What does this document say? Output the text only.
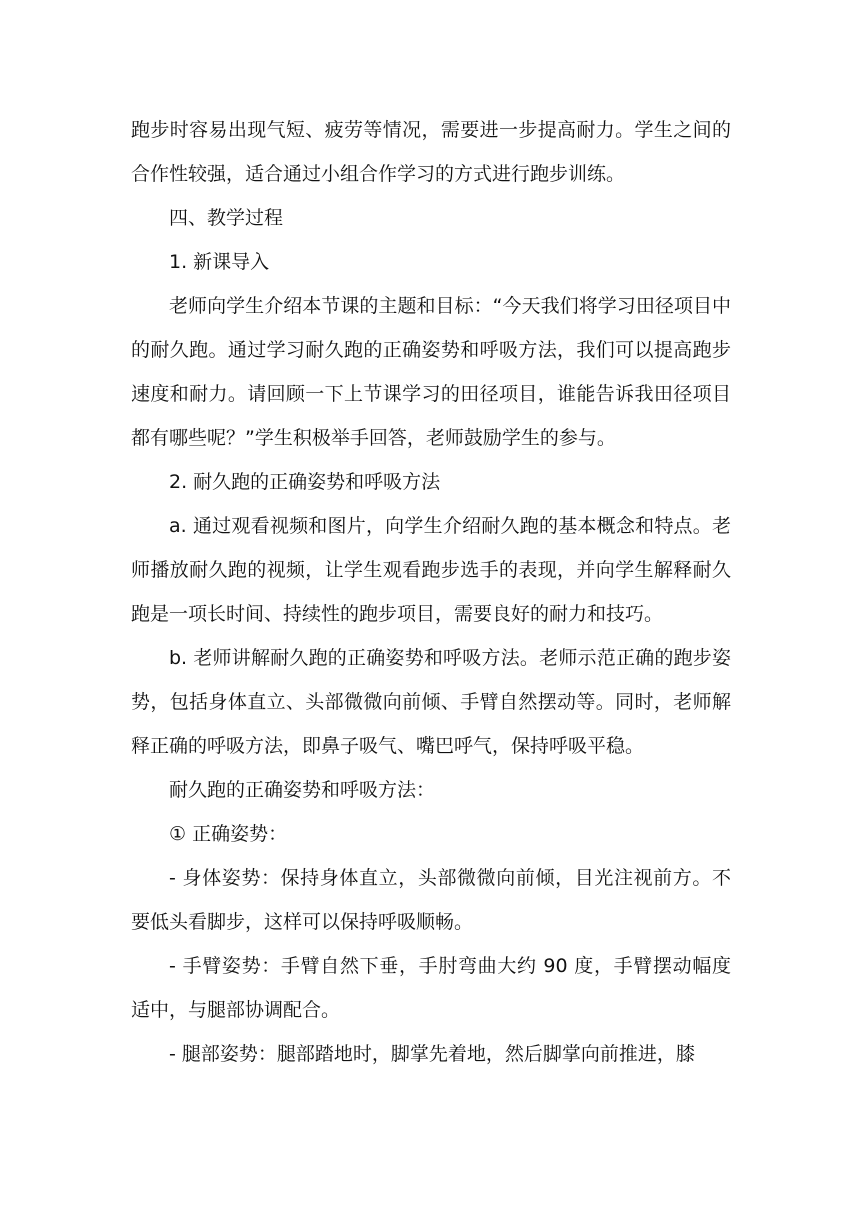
跑步时容易出现气短、疲劳等情况，需要进一步提高耐力。学生之间的合作性较强，适合通过小组合作学习的方式进行跑步训练。

四、教学过程

1. 新课导入

老师向学生介绍本节课的主题和目标：“今天我们将学习田径项目中的耐久跑。通过学习耐久跑的正确姿势和呼吸方法，我们可以提高跑步速度和耐力。请回顾一下上节课学习的田径项目，谁能告诉我田径项目都有哪些呢？”学生积极举手回答，老师鼓励学生的参与。

2. 耐久跑的正确姿势和呼吸方法

a. 通过观看视频和图片，向学生介绍耐久跑的基本概念和特点。老师播放耐久跑的视频，让学生观看跑步选手的表现，并向学生解释耐久跑是一项长时间、持续性的跑步项目，需要良好的耐力和技巧。

b. 老师讲解耐久跑的正确姿势和呼吸方法。老师示范正确的跑步姿势，包括身体直立、头部微微向前倾、手臂自然摆动等。同时，老师解释正确的呼吸方法，即鼻子吸气、嘴巴呼气，保持呼吸平稳。

耐久跑的正确姿势和呼吸方法：

① 正确姿势：

- 身体姿势：保持身体直立，头部微微向前倾，目光注视前方。不要低头看脚步，这样可以保持呼吸顺畅。

- 手臂姿势：手臂自然下垂，手肘弯曲大约 90 度，手臂摆动幅度适中，与腿部协调配合。

- 腿部姿势：腿部踏地时，脚掌先着地，然后脚掌向前推进，膝
